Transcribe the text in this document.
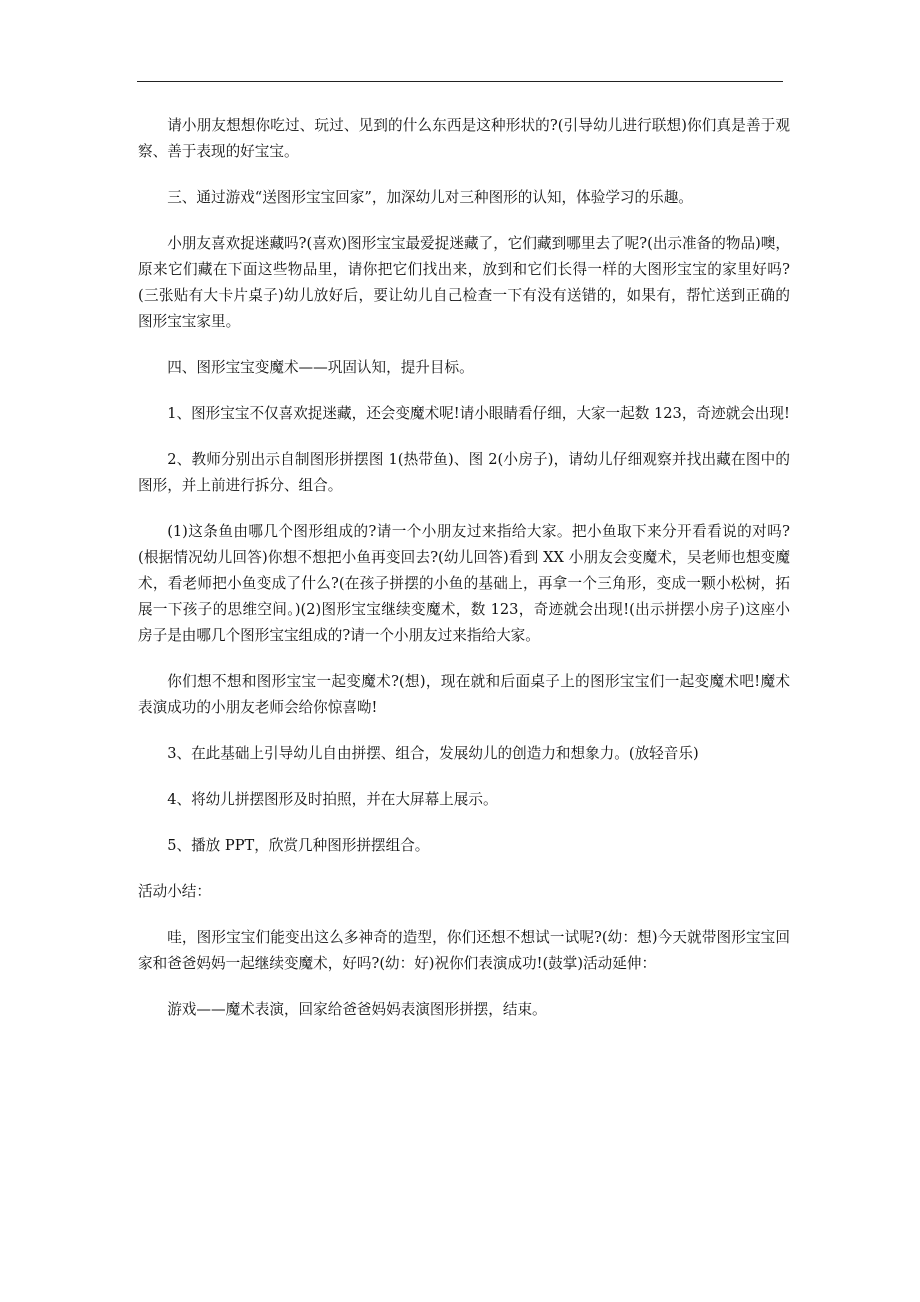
请小朋友想想你吃过、玩过、见到的什么东西是这种形状的?(引导幼儿进行联想)你们真是善于观察、善于表现的好宝宝。

三、通过游戏“送图形宝宝回家”，加深幼儿对三种图形的认知，体验学习的乐趣。

小朋友喜欢捉迷藏吗?(喜欢)图形宝宝最爱捉迷藏了，它们藏到哪里去了呢?(出示准备的物品)噢，原来它们藏在下面这些物品里，请你把它们找出来，放到和它们长得一样的大图形宝宝的家里好吗?(三张贴有大卡片桌子)幼儿放好后，要让幼儿自己检查一下有没有送错的，如果有，帮忙送到正确的图形宝宝家里。

四、图形宝宝变魔术——巩固认知，提升目标。

1、图形宝宝不仅喜欢捉迷藏，还会变魔术呢!请小眼睛看仔细，大家一起数 123，奇迹就会出现!

2、教师分别出示自制图形拼摆图 1(热带鱼)、图 2(小房子)，请幼儿仔细观察并找出藏在图中的图形，并上前进行拆分、组合。

(1)这条鱼由哪几个图形组成的?请一个小朋友过来指给大家。把小鱼取下来分开看看说的对吗?(根据情况幼儿回答)你想不想把小鱼再变回去?(幼儿回答)看到 XX 小朋友会变魔术，吴老师也想变魔术，看老师把小鱼变成了什么?(在孩子拼摆的小鱼的基础上，再拿一个三角形，变成一颗小松树，拓展一下孩子的思维空间。)(2)图形宝宝继续变魔术，数 123，奇迹就会出现!(出示拼摆小房子)这座小房子是由哪几个图形宝宝组成的?请一个小朋友过来指给大家。

你们想不想和图形宝宝一起变魔术?(想)，现在就和后面桌子上的图形宝宝们一起变魔术吧!魔术表演成功的小朋友老师会给你惊喜呦!

3、在此基础上引导幼儿自由拼摆、组合，发展幼儿的创造力和想象力。(放轻音乐)

4、将幼儿拼摆图形及时拍照，并在大屏幕上展示。

5、播放 PPT，欣赏几种图形拼摆组合。

活动小结：

哇，图形宝宝们能变出这么多神奇的造型，你们还想不想试一试呢?(幼：想)今天就带图形宝宝回家和爸爸妈妈一起继续变魔术，好吗?(幼：好)祝你们表演成功!(鼓掌)活动延伸：

游戏——魔术表演，回家给爸爸妈妈表演图形拼摆，结束。
